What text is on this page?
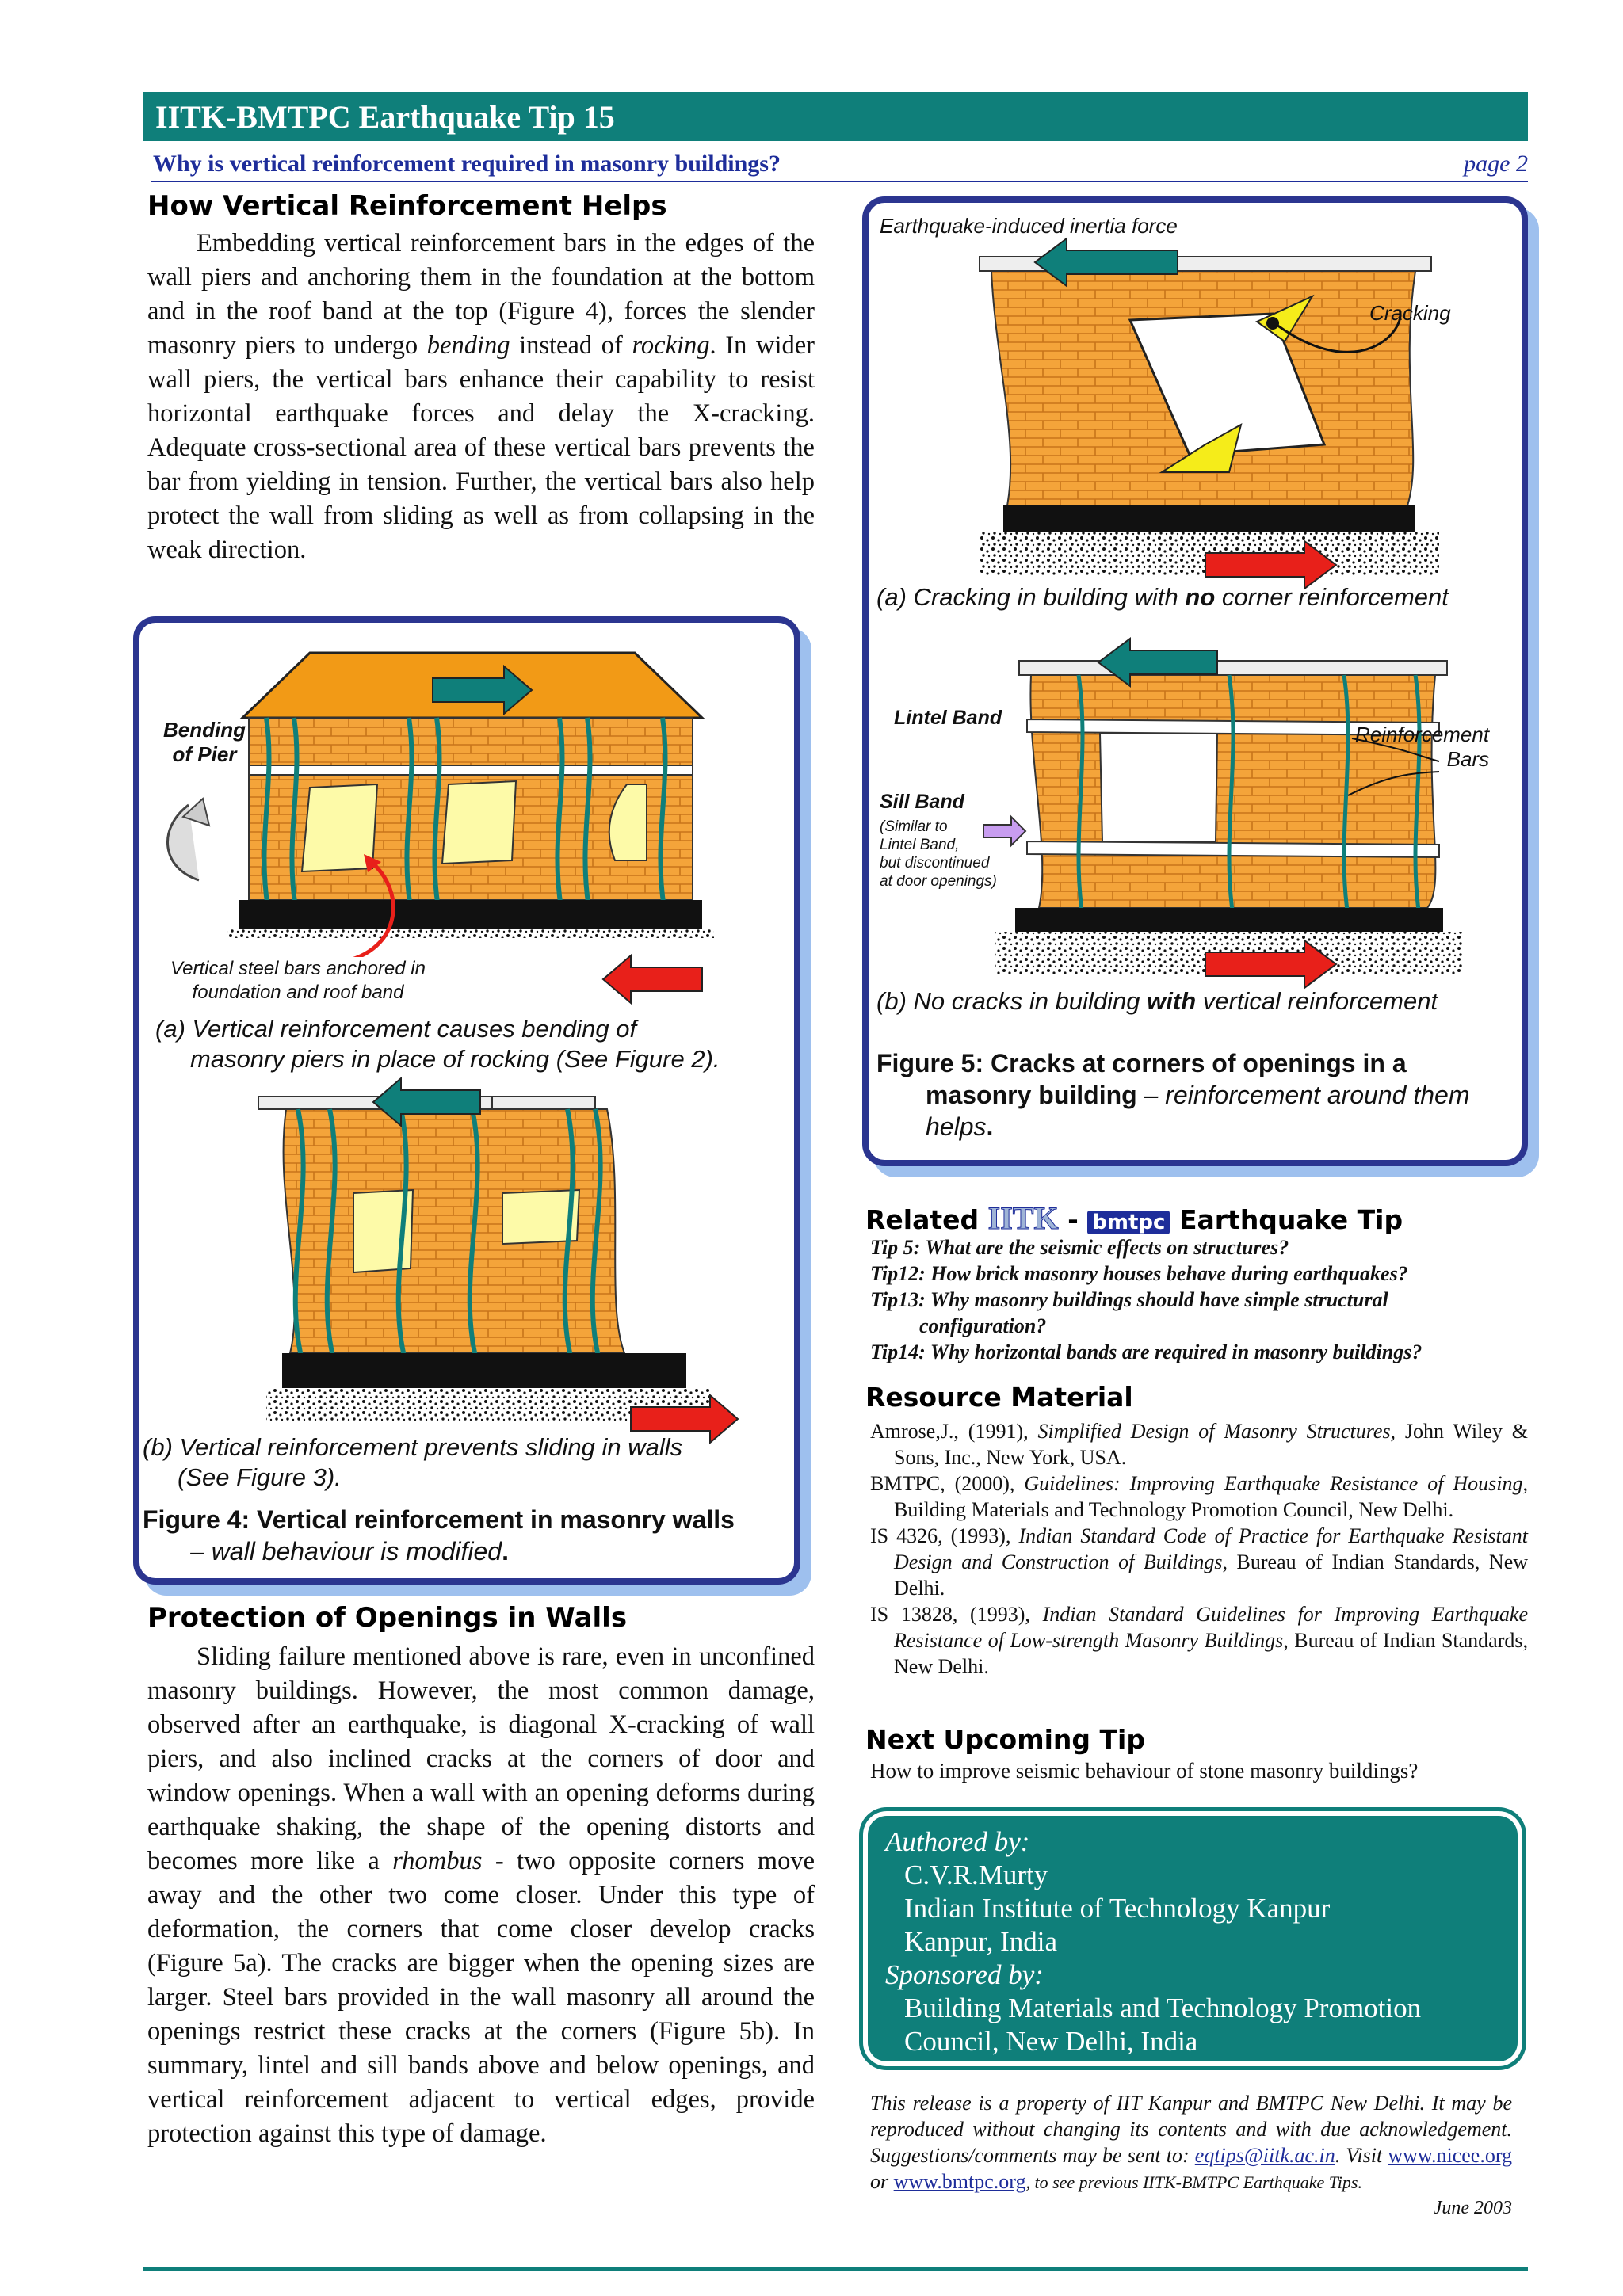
IITK-BMTPC Earthquake Tip 15
Why is vertical reinforcement required in masonry buildings?	page 2
How Vertical Reinforcement Helps

Embedding vertical reinforcement bars in the edges of the wall piers and anchoring them in the foundation at the bottom and in the roof band at the top (Figure 4), forces the slender masonry piers to undergo bending instead of rocking. In wider wall piers, the vertical bars enhance their capability to resist horizontal earthquake forces and delay the X-cracking. Adequate cross-sectional area of these vertical bars prevents the bar from yielding in tension. Further, the vertical bars also help protect the wall from sliding as well as from collapsing in the weak direction.

Bending
of Pier
Vertical steel bars anchored in
foundation and roof band
(a) Vertical reinforcement causes bending of
masonry piers in place of rocking (See Figure 2).
(b) Vertical reinforcement prevents sliding in walls
(See Figure 3).
Figure 4: Vertical reinforcement in masonry walls
– wall behaviour is modified.
Protection of Openings in Walls

Sliding failure mentioned above is rare, even in unconfined masonry buildings. However, the most common damage, observed after an earthquake, is diagonal X-cracking of wall piers, and also inclined cracks at the corners of door and window openings. When a wall with an opening deforms during earthquake shaking, the shape of the opening distorts and becomes more like a rhombus - two opposite corners move away and the other two come closer. Under this type of deformation, the corners that come closer develop cracks (Figure 5a). The cracks are bigger when the opening sizes are larger. Steel bars provided in the wall masonry all around the openings restrict these cracks at the corners (Figure 5b). In summary, lintel and sill bands above and below openings, and vertical reinforcement adjacent to vertical edges, provide protection against this type of damage.

Earthquake-induced inertia force
Cracking
(a) Cracking in building with no corner reinforcement
Lintel Band
Reinforcement
Bars
Sill Band
(Similar to
Lintel Band,
but discontinued
at door openings)
(b) No cracks in building with vertical reinforcement
Figure 5: Cracks at corners of openings in a
masonry building – reinforcement around them
helps.
Related IITK - bmtpc Earthquake Tip
Tip 5: What are the seismic effects on structures?
Tip12: How brick masonry houses behave during earthquakes?
Tip13: Why masonry buildings should have simple structural
configuration?
Tip14: Why horizontal bands are required in masonry buildings?
Resource Material
Amrose,J., (1991), Simplified Design of Masonry Structures, John Wiley & Sons, Inc., New York, USA.
BMTPC, (2000), Guidelines: Improving Earthquake Resistance of Housing, Building Materials and Technology Promotion Council, New Delhi.
IS 4326, (1993), Indian Standard Code of Practice for Earthquake Resistant Design and Construction of Buildings, Bureau of Indian Standards, New Delhi.
IS 13828, (1993), Indian Standard Guidelines for Improving Earthquake Resistance of Low-strength Masonry Buildings, Bureau of Indian Standards, New Delhi.
Next Upcoming Tip
How to improve seismic behaviour of stone masonry buildings?
Authored by:
C.V.R.Murty
Indian Institute of Technology Kanpur
Kanpur, India
Sponsored by:
Building Materials and Technology Promotion
Council, New Delhi, India
This release is a property of IIT Kanpur and BMTPC New Delhi. It may be reproduced without changing its contents and with due acknowledgement. Suggestions/comments may be sent to: eqtips@iitk.ac.in. Visit www.nicee.org or www.bmtpc.org, to see previous IITK-BMTPC Earthquake Tips.
June 2003
